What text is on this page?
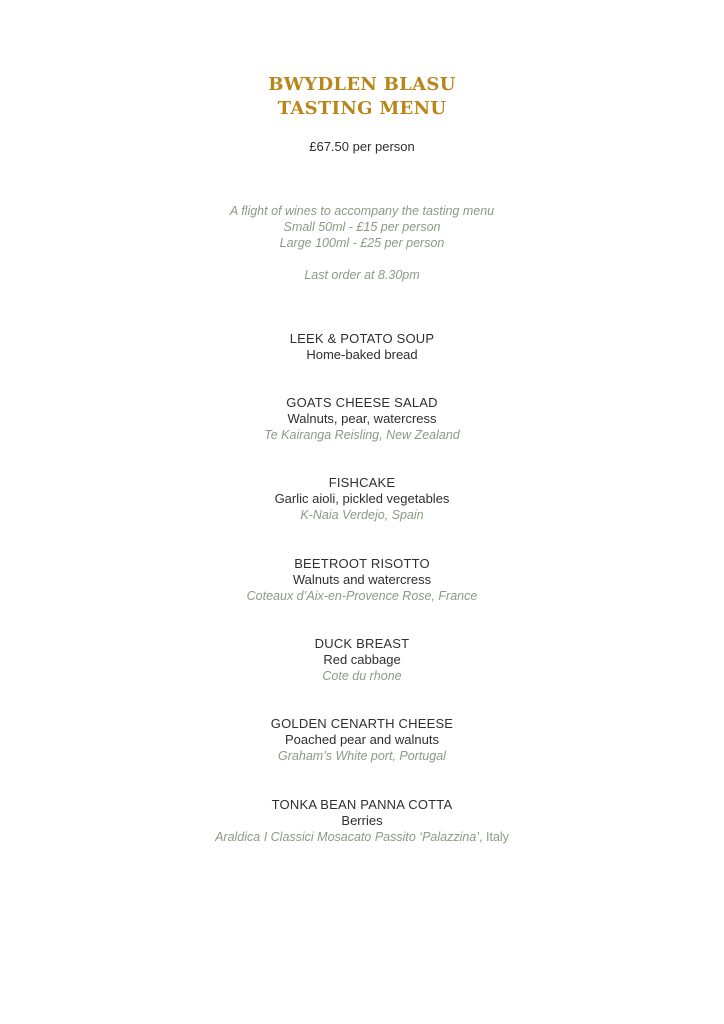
BWYDLEN BLASU
TASTING MENU
£67.50 per person
A flight of wines to accompany the tasting menu
Small 50ml - £15 per person
Large 100ml - £25 per person
Last order at 8.30pm
LEEK & POTATO SOUP
Home-baked bread
GOATS CHEESE SALAD
Walnuts, pear, watercress
Te Kairanga Reisling, New Zealand
FISHCAKE
Garlic aioli, pickled vegetables
K-Naia Verdejo, Spain
BEETROOT RISOTTO
Walnuts and watercress
Coteaux d’Aix-en-Provence Rose, France
DUCK BREAST
Red cabbage
Cote du rhone
GOLDEN CENARTH CHEESE
Poached pear and walnuts
Graham’s White port, Portugal
TONKA BEAN PANNA COTTA
Berries
Araldica I Classici Mosacato Passito ‘Palazzina’, Italy
